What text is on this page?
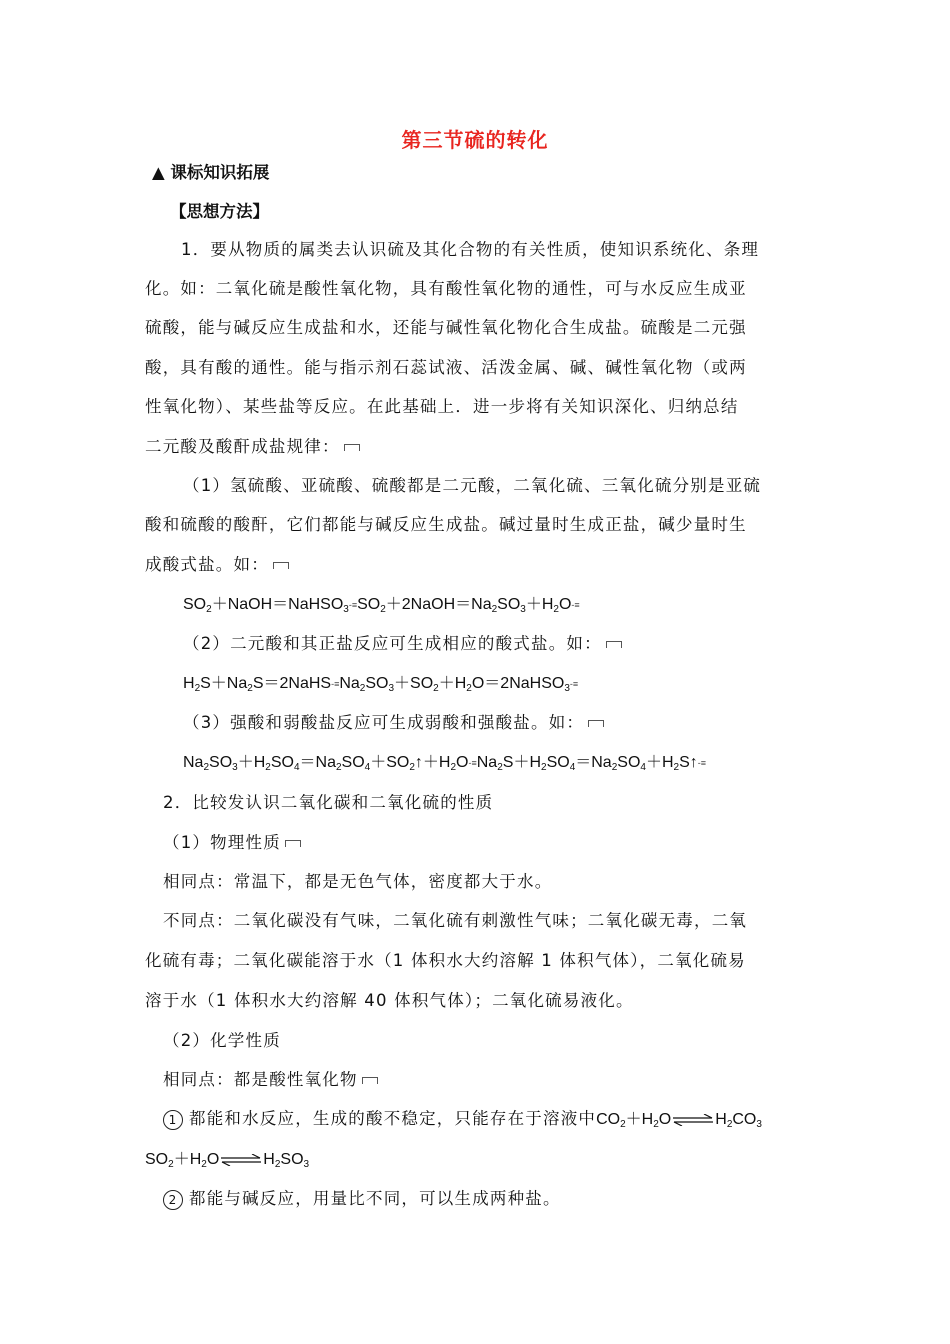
第三节硫的转化
▲ 课标知识拓展
【思想方法】
1．要从物质的属类去认识硫及其化合物的有关性质，使知识系统化、条理
化。如：二氧化硫是酸性氧化物，具有酸性氧化物的通性，可与水反应生成亚
硫酸，能与碱反应生成盐和水，还能与碱性氧化物化合生成盐。硫酸是二元强
酸，具有酸的通性。能与指示剂石蕊试液、活泼金属、碱、碱性氧化物（或两
性氧化物）、某些盐等反应。在此基础上．进一步将有关知识深化、归纳总结
二元酸及酸酐成盐规律：
（1）氢硫酸、亚硫酸、硫酸都是二元酸，二氧化硫、三氧化硫分别是亚硫
酸和硫酸的酸酐，它们都能与碱反应生成盐。碱过量时生成正盐，碱少量时生
成酸式盐。如：
$SO_2+NaOH=NaHSO_3-\equiv SO_2+2NaOH=Na_2SO_3+H_2O-\equiv$
（2）二元酸和其正盐反应可生成相应的酸式盐。如：
$H_2S+Na_2S=2NaHS-\equiv Na_2SO_3+SO_2+H_2O=2NaHSO_3-\equiv$
（3）强酸和弱酸盐反应可生成弱酸和强酸盐。如：
$Na_2SO_3+H_2SO_4=Na_2SO_4+SO_2↑+H_2O-\equiv Na_2S+H_2SO_4=Na_2SO_4+H_2S↑-\equiv$
2．比较发认识二氧化碳和二氧化硫的性质
（1）物理性质
相同点：常温下，都是无色气体，密度都大于水。
不同点：二氧化碳没有气味，二氧化硫有刺激性气味；二氧化碳无毒，二氧
化硫有毒；二氧化碳能溶于水（1 体积水大约溶解 1 体积气体），二氧化硫易
溶于水（1 体积水大约溶解 40 体积气体）；二氧化硫易液化。
（2）化学性质
相同点：都是酸性氧化物
1 都能和水反应，生成的酸不稳定，只能存在于溶液中$CO_2+H_2O\rightleftharpoons H_2CO_3$
$SO_2+H_2O\rightleftharpoons H_2SO_3$
2 都能与碱反应，用量比不同，可以生成两种盐。
